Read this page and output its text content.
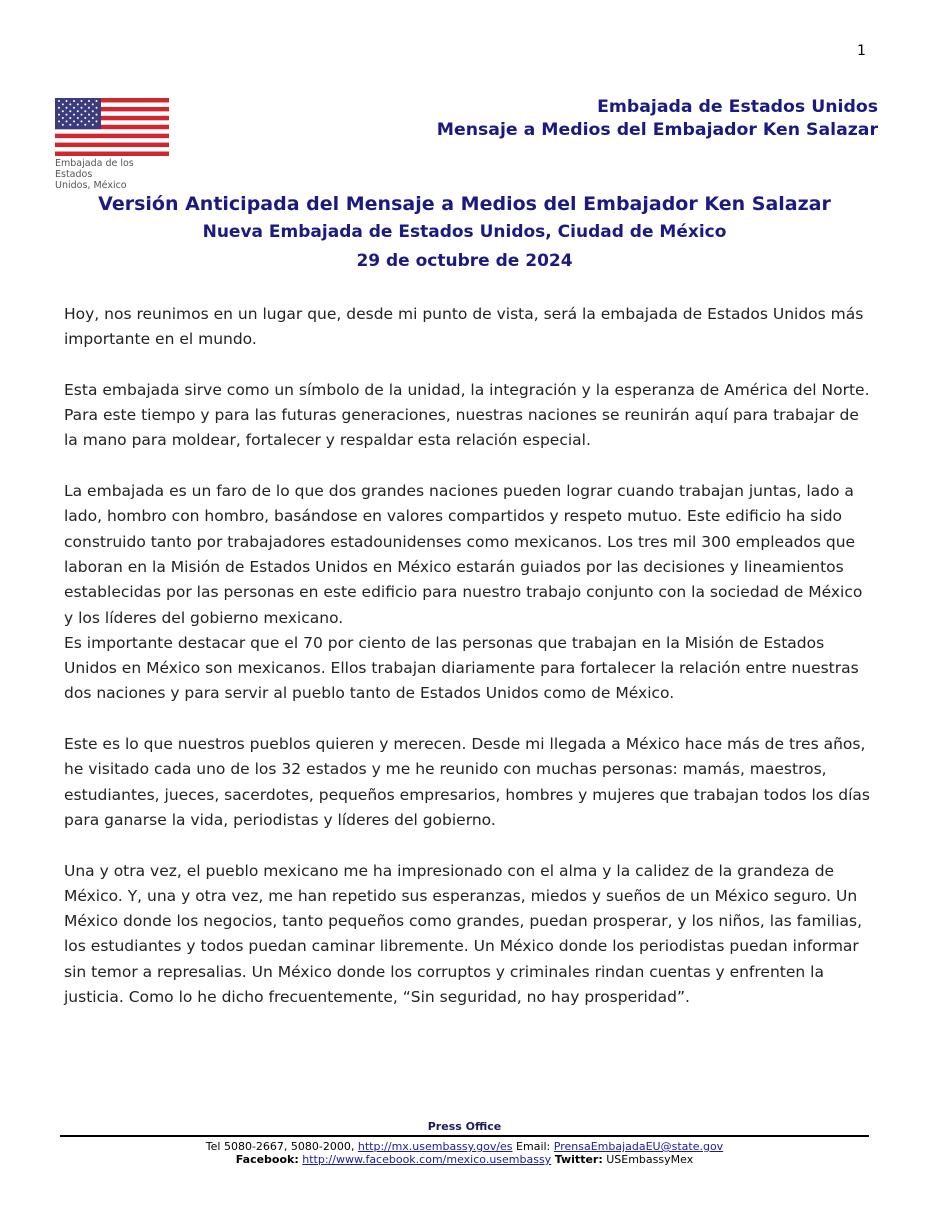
1
Embajada de los Estados
Unidos, México
Embajada de Estados Unidos
Mensaje a Medios del Embajador Ken Salazar
Versión Anticipada del Mensaje a Medios del Embajador Ken Salazar
Nueva Embajada de Estados Unidos, Ciudad de México
29 de octubre de 2024

Hoy, nos reunimos en un lugar que, desde mi punto de vista, será la embajada de Estados Unidos más importante en el mundo.

Esta embajada sirve como un símbolo de la unidad, la integración y la esperanza de América del Norte. Para este tiempo y para las futuras generaciones, nuestras naciones se reunirán aquí para trabajar de la mano para moldear, fortalecer y respaldar esta relación especial.

La embajada es un faro de lo que dos grandes naciones pueden lograr cuando trabajan juntas, lado a lado, hombro con hombro, basándose en valores compartidos y respeto mutuo. Este edificio ha sido construido tanto por trabajadores estadounidenses como mexicanos. Los tres mil 300 empleados que laboran en la Misión de Estados Unidos en México estarán guiados por las decisiones y lineamientos establecidas por las personas en este edificio para nuestro trabajo conjunto con la sociedad de México y los líderes del gobierno mexicano.
Es importante destacar que el 70 por ciento de las personas que trabajan en la Misión de Estados Unidos en México son mexicanos. Ellos trabajan diariamente para fortalecer la relación entre nuestras dos naciones y para servir al pueblo tanto de Estados Unidos como de México.

Este es lo que nuestros pueblos quieren y merecen. Desde mi llegada a México hace más de tres años, he visitado cada uno de los 32 estados y me he reunido con muchas personas: mamás, maestros, estudiantes, jueces, sacerdotes, pequeños empresarios, hombres y mujeres que trabajan todos los días para ganarse la vida, periodistas y líderes del gobierno.

Una y otra vez, el pueblo mexicano me ha impresionado con el alma y la calidez de la grandeza de México. Y, una y otra vez, me han repetido sus esperanzas, miedos y sueños de un México seguro. Un México donde los negocios, tanto pequeños como grandes, puedan prosperar, y los niños, las familias, los estudiantes y todos puedan caminar libremente. Un México donde los periodistas puedan informar sin temor a represalias. Un México donde los corruptos y criminales rindan cuentas y enfrenten la justicia. Como lo he dicho frecuentemente, “Sin seguridad, no hay prosperidad”.

Press Office
Tel 5080-2667, 5080-2000, http://mx.usembassy.gov/es Email: PrensaEmbajadaEU@state.gov
Facebook: http://www.facebook.com/mexico.usembassy Twitter: USEmbassyMex
